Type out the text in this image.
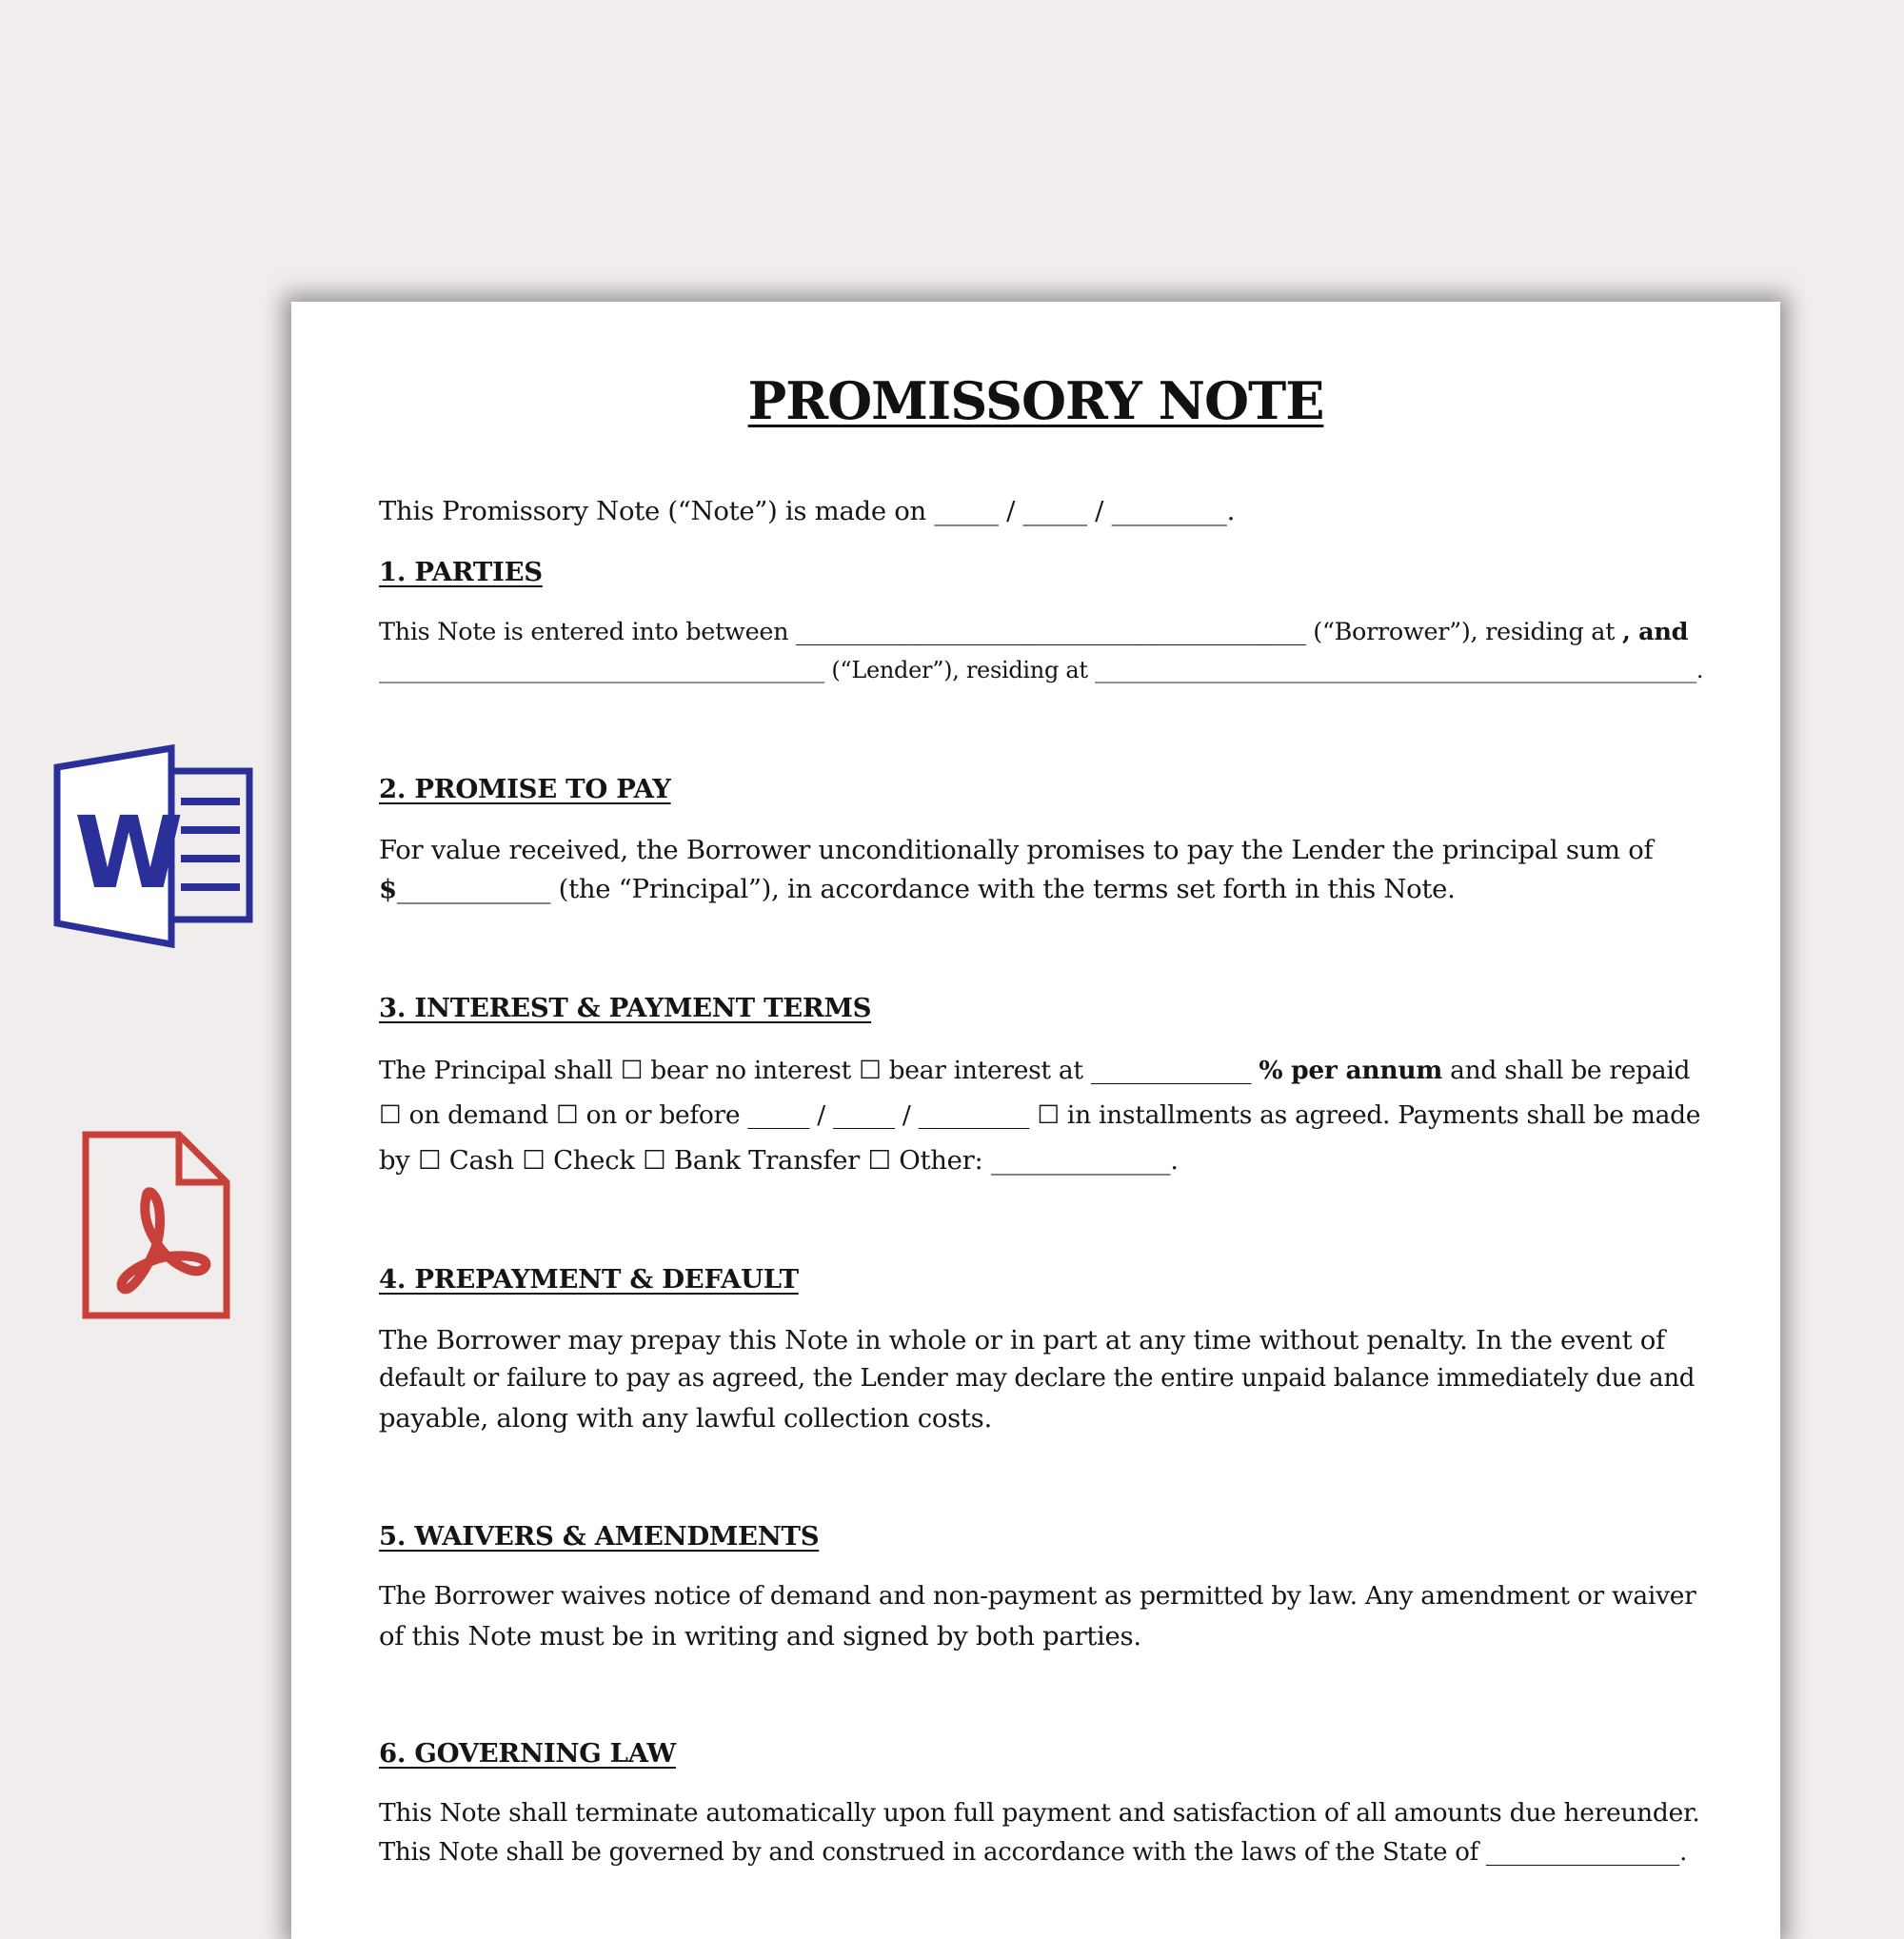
W
PROMISSORY NOTE
This Promissory Note (“Note”) is made on _____ / _____ / _________.
1. PARTIES
This Note is entered into between ___________________________________________ (“Borrower”), residing at , and
________________________________________ (“Lender”), residing at ______________________________________________________.
2. PROMISE TO PAY
For value received, the Borrower unconditionally promises to pay the Lender the principal sum of
$____________ (the “Principal”), in accordance with the terms set forth in this Note.
3. INTEREST & PAYMENT TERMS
The Principal shall ☐ bear no interest ☐ bear interest at _____________ % per annum and shall be repaid
☐ on demand ☐ on or before _____ / _____ / _________ ☐ in installments as agreed. Payments shall be made
by ☐ Cash ☐ Check ☐ Bank Transfer ☐ Other: ______________.
4. PREPAYMENT & DEFAULT
The Borrower may prepay this Note in whole or in part at any time without penalty. In the event of
default or failure to pay as agreed, the Lender may declare the entire unpaid balance immediately due and
payable, along with any lawful collection costs.
5. WAIVERS & AMENDMENTS
The Borrower waives notice of demand and non-payment as permitted by law. Any amendment or waiver
of this Note must be in writing and signed by both parties.
6. GOVERNING LAW
This Note shall terminate automatically upon full payment and satisfaction of all amounts due hereunder.
This Note shall be governed by and construed in accordance with the laws of the State of ________________.
